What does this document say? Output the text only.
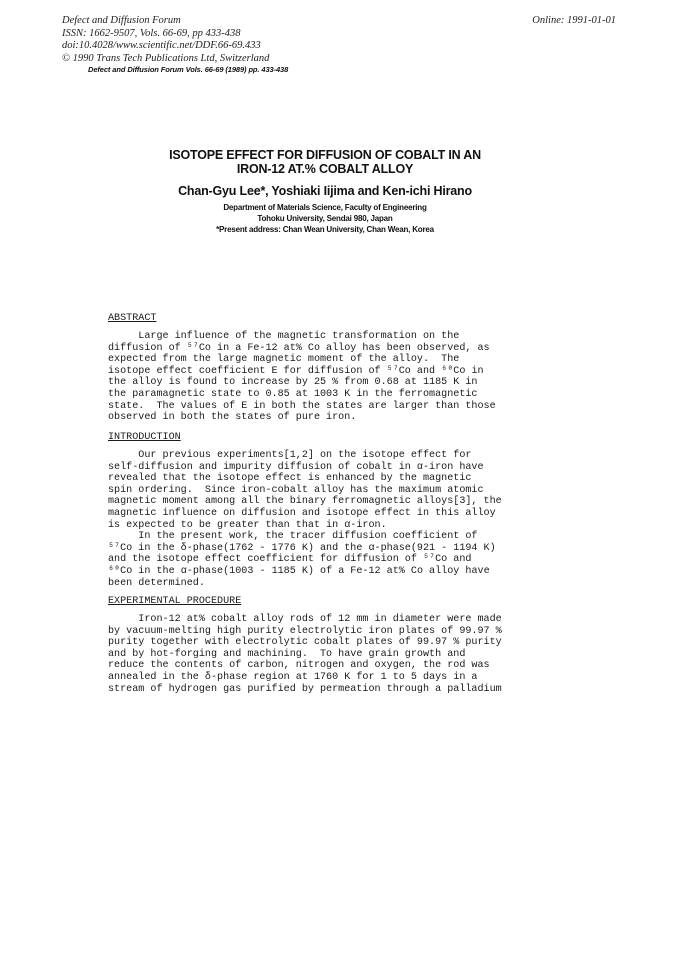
Defect and Diffusion Forum
ISSN: 1662-9507, Vols. 66-69, pp 433-438
doi:10.4028/www.scientific.net/DDF.66-69.433
© 1990 Trans Tech Publications Ltd, Switzerland
Online: 1991-01-01
Defect and Diffusion Forum Vols. 66-69 (1989) pp. 433-438
ISOTOPE EFFECT FOR DIFFUSION OF COBALT IN AN
IRON-12 AT.% COBALT ALLOY
Chan-Gyu Lee*, Yoshiaki Iijima and Ken-ichi Hirano
Department of Materials Science, Faculty of Engineering
Tohoku University, Sendai 980, Japan
*Present address: Chan Wean University, Chan Wean, Korea
ABSTRACT
Large influence of the magnetic transformation on the
diffusion of ⁵⁷Co in a Fe-12 at% Co alloy has been observed, as
expected from the large magnetic moment of the alloy.  The
isotope effect coefficient E for diffusion of ⁵⁷Co and ⁶⁰Co in
the alloy is found to increase by 25 % from 0.68 at 1185 K in
the paramagnetic state to 0.85 at 1003 K in the ferromagnetic
state.  The values of E in both the states are larger than those
observed in both the states of pure iron.
INTRODUCTION
Our previous experiments[1,2] on the isotope effect for
self-diffusion and impurity diffusion of cobalt in α-iron have
revealed that the isotope effect is enhanced by the magnetic
spin ordering.  Since iron-cobalt alloy has the maximum atomic
magnetic moment among all the binary ferromagnetic alloys[3], the
magnetic influence on diffusion and isotope effect in this alloy
is expected to be greater than that in α-iron.
In the present work, the tracer diffusion coefficient of
⁵⁷Co in the δ-phase(1762 - 1776 K) and the α-phase(921 - 1194 K)
and the isotope effect coefficient for diffusion of ⁵⁷Co and
⁶⁰Co in the α-phase(1003 - 1185 K) of a Fe-12 at% Co alloy have
been determined.
EXPERIMENTAL PROCEDURE
Iron-12 at% cobalt alloy rods of 12 mm in diameter were made
by vacuum-melting high purity electrolytic iron plates of 99.97 %
purity together with electrolytic cobalt plates of 99.97 % purity
and by hot-forging and machining.  To have grain growth and
reduce the contents of carbon, nitrogen and oxygen, the rod was
annealed in the δ-phase region at 1760 K for 1 to 5 days in a
stream of hydrogen gas purified by permeation through a palladium
